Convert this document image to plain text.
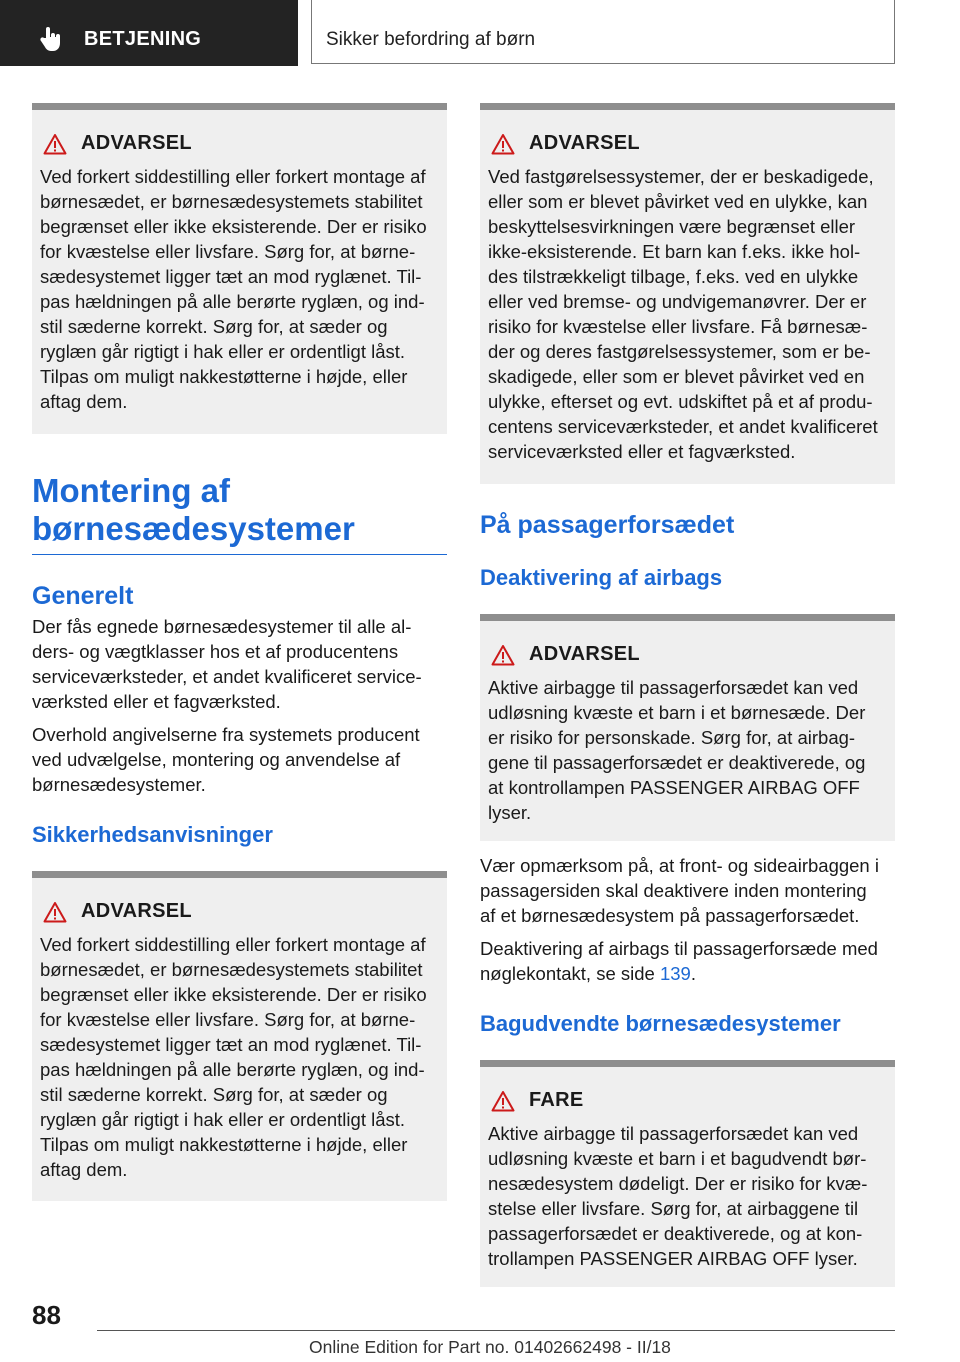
BETJENING	Sikker befordring af børn
ADVARSEL
Ved forkert siddestilling eller forkert montage af
børnesædet, er børnesædesystemets stabilitet
begrænset eller ikke eksisterende. Der er risiko
for kvæstelse eller livsfare. Sørg for, at børne‐
sædesystemet ligger tæt an mod ryglænet. Til‐
pas hældningen på alle berørte ryglæn, og ind‐
stil sæderne korrekt. Sørg for, at sæder og
ryglæn går rigtigt i hak eller er ordentligt låst.
Tilpas om muligt nakkestøtterne i højde, eller
aftag dem.
Montering af
børnesædesystemer
Generelt
Der fås egnede børnesædesystemer til alle al‐
ders- og vægtklasser hos et af producentens
serviceværksteder, et andet kvalificeret service‐
værksted eller et fagværksted.
Overhold angivelserne fra systemets producent
ved udvælgelse, montering og anvendelse af
børnesædesystemer.
Sikkerhedsanvisninger
ADVARSEL
Ved forkert siddestilling eller forkert montage af
børnesædet, er børnesædesystemets stabilitet
begrænset eller ikke eksisterende. Der er risiko
for kvæstelse eller livsfare. Sørg for, at børne‐
sædesystemet ligger tæt an mod ryglænet. Til‐
pas hældningen på alle berørte ryglæn, og ind‐
stil sæderne korrekt. Sørg for, at sæder og
ryglæn går rigtigt i hak eller er ordentligt låst.
Tilpas om muligt nakkestøtterne i højde, eller
aftag dem.
ADVARSEL
Ved fastgørelsessystemer, der er beskadigede,
eller som er blevet påvirket ved en ulykke, kan
beskyttelsesvirkningen være begrænset eller
ikke-eksisterende. Et barn kan f.eks. ikke hol‐
des tilstrækkeligt tilbage, f.eks. ved en ulykke
eller ved bremse- og undvigemanøvrer. Der er
risiko for kvæstelse eller livsfare. Få børnesæ‐
der og deres fastgørelsessystemer, som er be‐
skadigede, eller som er blevet påvirket ved en
ulykke, efterset og evt. udskiftet på et af produ‐
centens serviceværksteder, et andet kvalificeret
serviceværksted eller et fagværksted.
På passagerforsædet
Deaktivering af airbags
ADVARSEL
Aktive airbagge til passagerforsædet kan ved
udløsning kvæste et barn i et børnesæde. Der
er risiko for personskade. Sørg for, at airbag‐
gene til passagerforsædet er deaktiverede, og
at kontrollampen PASSENGER AIRBAG OFF
lyser.
Vær opmærksom på, at front- og sideairbaggen i
passagersiden skal deaktivere inden montering
af et børnesædesystem på passagerforsædet.
Deaktivering af airbags til passagerforsæde med
nøglekontakt, se side 139.
Bagudvendte børnesædesystemer
FARE
Aktive airbagge til passagerforsædet kan ved
udløsning kvæste et barn i et bagudvendt bør‐
nesædesystem dødeligt. Der er risiko for kvæ‐
stelse eller livsfare. Sørg for, at airbaggene til
passagerforsædet er deaktiverede, og at kon‐
trollampen PASSENGER AIRBAG OFF lyser.
88
Online Edition for Part no. 01402662498 - II/18
